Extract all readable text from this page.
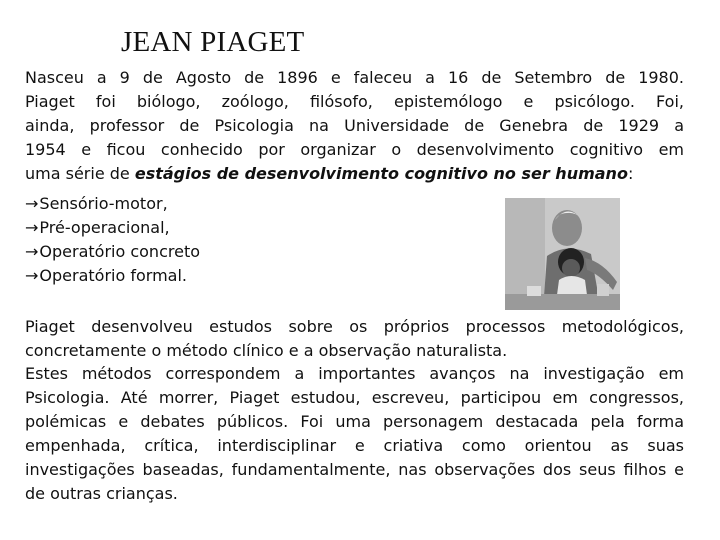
JEAN PIAGET
Nasceu a 9 de Agosto de 1896 e faleceu a 16 de Setembro de 1980.
Piaget foi biólogo, zoólogo, filósofo, epistemólogo e psicólogo. Foi,
ainda, professor de Psicologia na Universidade de Genebra de 1929 a
1954 e ficou conhecido por organizar o desenvolvimento cognitivo em
uma série de estágios de desenvolvimento cognitivo no ser humano:
→Sensório-motor,
→Pré-operacional,
→Operatório concreto
→Operatório formal.
Piaget desenvolveu estudos sobre os próprios processos metodológicos, concretamente o método clínico e a observação naturalista.
Estes métodos correspondem a importantes avanços na investigação em Psicologia. Até morrer, Piaget estudou, escreveu, participou em congressos, polémicas e debates públicos. Foi uma personagem destacada pela forma empenhada, crítica, interdisciplinar e criativa como orientou as suas investigações baseadas, fundamentalmente, nas observações dos seus filhos e de outras crianças.
